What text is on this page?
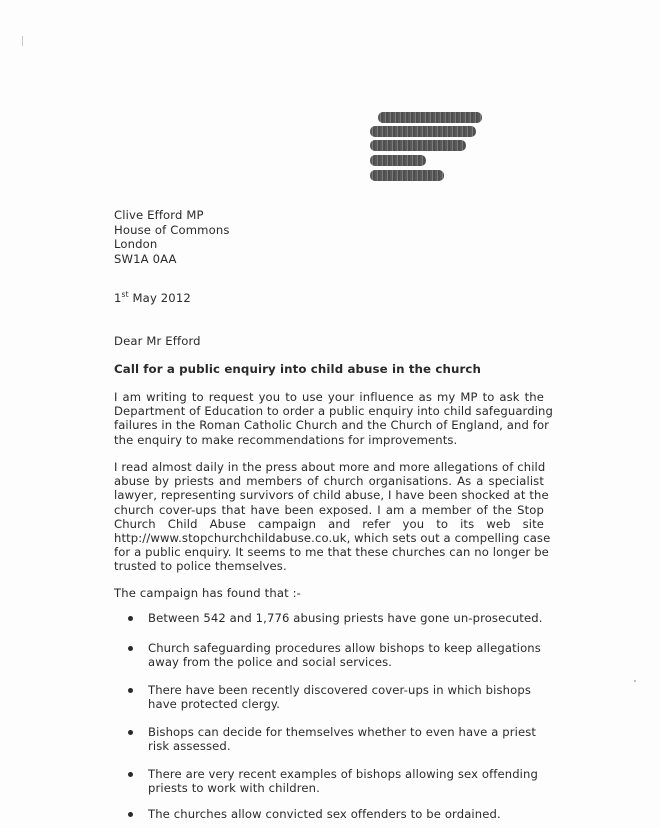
Clive Efford MP
House of Commons
London
SW1A 0AA
1st May 2012
Dear Mr Efford
Call for a public enquiry into child abuse in the church
I am writing to request you to use your influence as my MP to ask the
Department of Education to order a public enquiry into child safeguarding
failures in the Roman Catholic Church and the Church of England, and for
the enquiry to make recommendations for improvements.
I read almost daily in the press about more and more allegations of child
abuse by priests and members of church organisations. As a specialist
lawyer, representing survivors of child abuse, I have been shocked at the
church cover-ups that have been exposed. I am a member of the Stop
Church Child Abuse campaign and refer you to its web site
http://www.stopchurchchildabuse.co.uk, which sets out a compelling case
for a public enquiry. It seems to me that these churches can no longer be
trusted to police themselves.
The campaign has found that :-
Between 542 and 1,776 abusing priests have gone un-prosecuted.
Church safeguarding procedures allow bishops to keep allegations
away from the police and social services.
There have been recently discovered cover-ups in which bishops
have protected clergy.
Bishops can decide for themselves whether to even have a priest
risk assessed.
There are very recent examples of bishops allowing sex offending
priests to work with children.
The churches allow convicted sex offenders to be ordained.
